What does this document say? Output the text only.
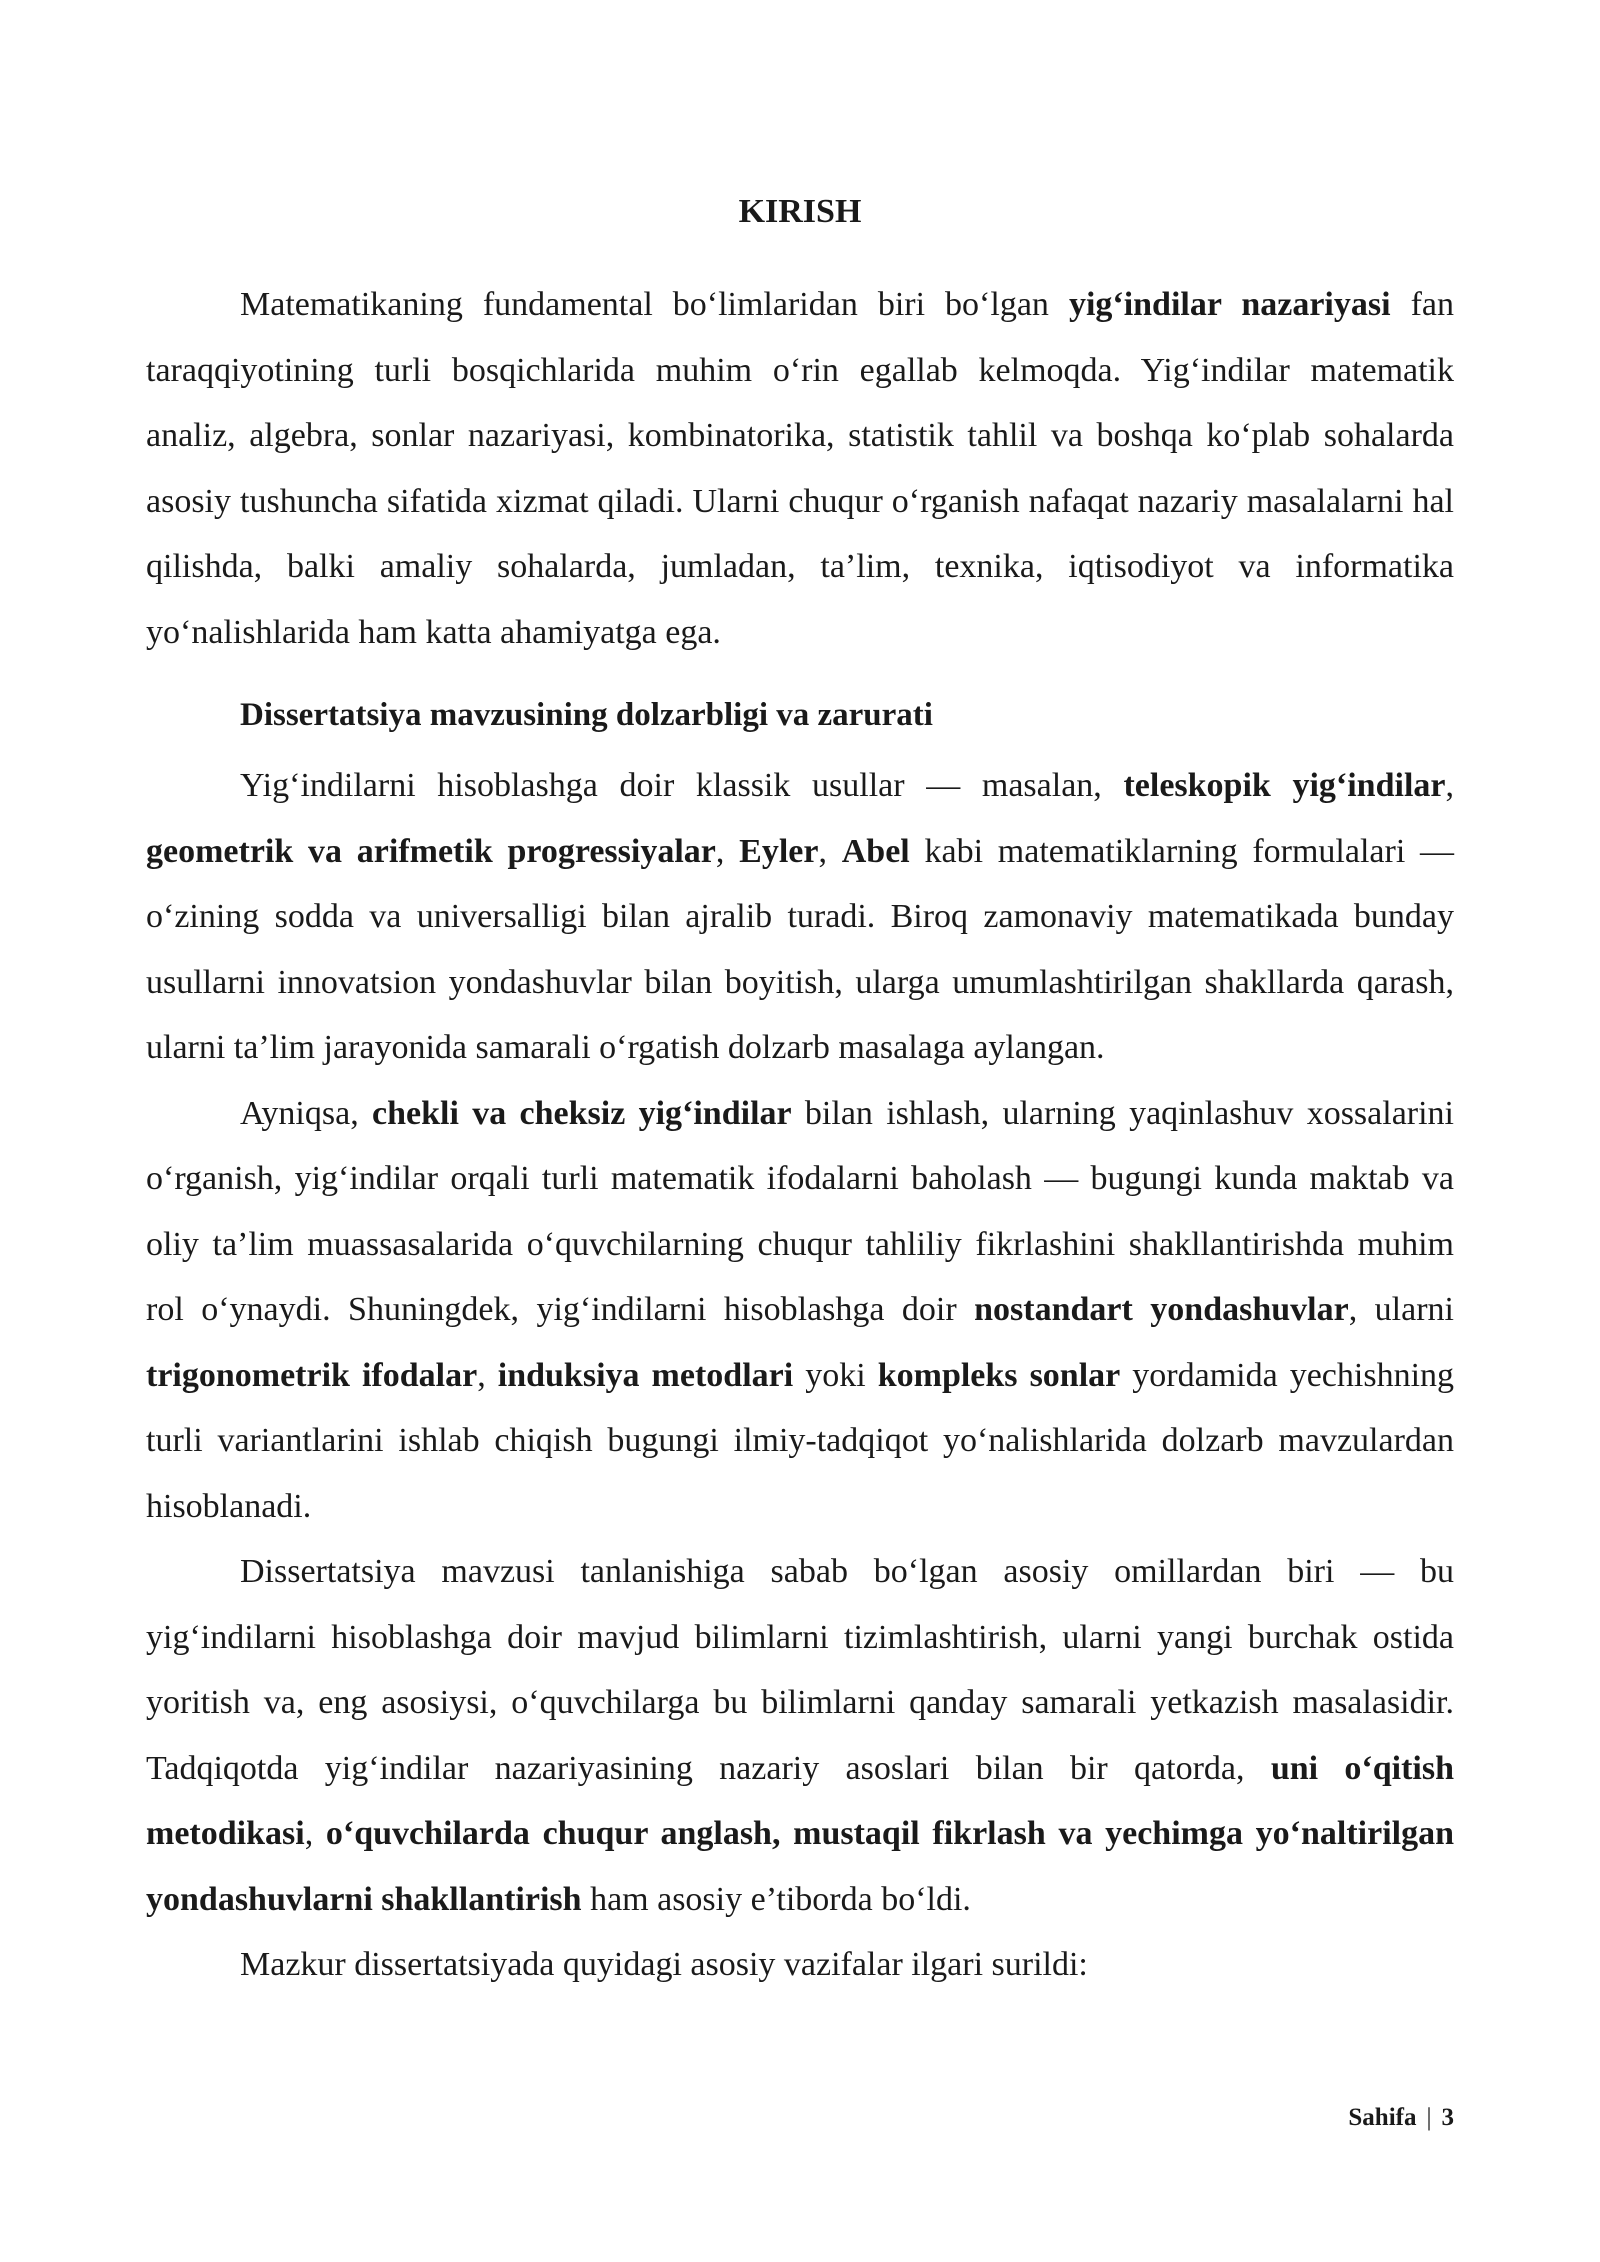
KIRISH

Matematikaning fundamental bo‘limlaridan biri bo‘lgan yig‘indilar nazariyasi fan taraqqiyotining turli bosqichlarida muhim o‘rin egallab kelmoqda. Yig‘indilar matematik analiz, algebra, sonlar nazariyasi, kombinatorika, statistik tahlil va boshqa ko‘plab sohalarda asosiy tushuncha sifatida xizmat qiladi. Ularni chuqur o‘rganish nafaqat nazariy masalalarni hal qilishda, balki amaliy sohalarda, jumladan, ta’lim, texnika, iqtisodiyot va informatika yo‘nalishlarida ham katta ahamiyatga ega.

Dissertatsiya mavzusining dolzarbligi va zarurati

Yig‘indilarni hisoblashga doir klassik usullar — masalan, teleskopik yig‘indilar, geometrik va arifmetik progressiyalar, Eyler, Abel kabi matematiklarning formulalari — o‘zining sodda va universalligi bilan ajralib turadi. Biroq zamonaviy matematikada bunday usullarni innovatsion yondashuvlar bilan boyitish, ularga umumlashtirilgan shakllarda qarash, ularni ta’lim jarayonida samarali o‘rgatish dolzarb masalaga aylangan.

Ayniqsa, chekli va cheksiz yig‘indilar bilan ishlash, ularning yaqinlashuv xossalarini o‘rganish, yig‘indilar orqali turli matematik ifodalarni baholash — bugungi kunda maktab va oliy ta’lim muassasalarida o‘quvchilarning chuqur tahliliy fikrlashini shakllantirishda muhim rol o‘ynaydi. Shuningdek, yig‘indilarni hisoblashga doir nostandart yondashuvlar, ularni trigonometrik ifodalar, induksiya metodlari yoki kompleks sonlar yordamida yechishning turli variantlarini ishlab chiqish bugungi ilmiy-tadqiqot yo‘nalishlarida dolzarb mavzulardan hisoblanadi.

Dissertatsiya mavzusi tanlanishiga sabab bo‘lgan asosiy omillardan biri — bu yig‘indilarni hisoblashga doir mavjud bilimlarni tizimlashtirish, ularni yangi burchak ostida yoritish va, eng asosiysi, o‘quvchilarga bu bilimlarni qanday samarali yetkazish masalasidir. Tadqiqotda yig‘indilar nazariyasining nazariy asoslari bilan bir qatorda, uni o‘qitish metodikasi, o‘quvchilarda chuqur anglash, mustaqil fikrlash va yechimga yo‘naltirilgan yondashuvlarni shakllantirish ham asosiy e’tiborda bo‘ldi.

Mazkur dissertatsiyada quyidagi asosiy vazifalar ilgari surildi:

Sahifa | 3
